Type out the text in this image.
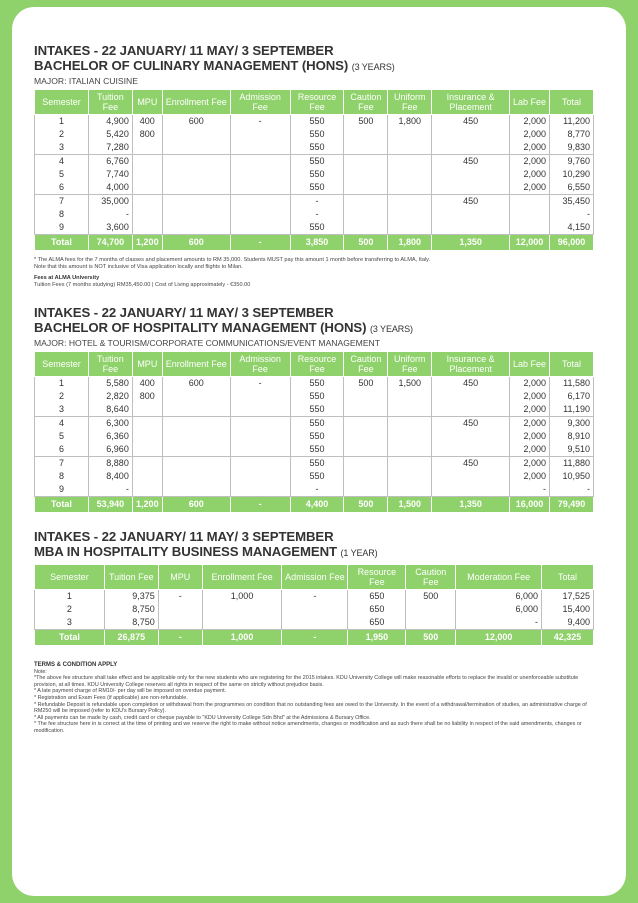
INTAKES - 22 JANUARY/ 11 MAY/ 3 SEPTEMBER
BACHELOR OF CULINARY MANAGEMENT (HONS) (3 YEARS)
MAJOR: ITALIAN CUISINE
Semester	Tuition Fee	MPU	Enrollment Fee	Admission Fee	Resource Fee	Caution Fee	Uniform Fee	Insurance & Placement	Lab Fee	Total
1	4,900	400	600	-	550	500	1,800	450	2,000	11,200
2	5,420	800			550				2,000	8,770
3	7,280				550				2,000	9,830
4	6,760				550			450	2,000	9,760
5	7,740				550				2,000	10,290
6	4,000				550				2,000	6,550
7	35,000				-			450		35,450
8	-				-					-
9	3,600				550					4,150
Total	74,700	1,200	600	-	3,850	500	1,800	1,350	12,000	96,000
* The ALMA fees for the 7 months of classes and placement amounts to RM 35,000. Students MUST pay this amount 1 month before transferring to ALMA, Italy.
Note that this amount is NOT inclusive of Visa application locally and flights to Milan.
Fees at ALMA University
Tuition Fees (7 months studying) RM35,450.00 | Cost of Living approximately - €350.00
INTAKES - 22 JANUARY/ 11 MAY/ 3 SEPTEMBER
BACHELOR OF HOSPITALITY MANAGEMENT (HONS) (3 YEARS)
MAJOR: HOTEL & TOURISM/CORPORATE COMMUNICATIONS/EVENT MANAGEMENT
Semester	Tuition Fee	MPU	Enrollment Fee	Admission Fee	Resource Fee	Caution Fee	Uniform Fee	Insurance & Placement	Lab Fee	Total
1	5,580	400	600	-	550	500	1,500	450	2,000	11,580
2	2,820	800			550				2,000	6,170
3	8,640				550				2,000	11,190
4	6,300				550			450	2,000	9,300
5	6,360				550				2,000	8,910
6	6,960				550				2,000	9,510
7	8,880				550			450	2,000	11,880
8	8,400				550				2,000	10,950
9	-				-				-	-
Total	53,940	1,200	600	-	4,400	500	1,500	1,350	16,000	79,490
INTAKES - 22 JANUARY/ 11 MAY/ 3 SEPTEMBER
MBA IN HOSPITALITY BUSINESS MANAGEMENT (1 YEAR)
Semester	Tuition Fee	MPU	Enrollment Fee	Admission Fee	Resource Fee	Caution Fee	Moderation Fee	Total
1	9,375	-	1,000	-	650	500	6,000	17,525
2	8,750				650		6,000	15,400
3	8,750				650		-	9,400
Total	26,875	-	1,000	-	1,950	500	12,000	42,325
TERMS & CONDITION APPLY
Note:
*The above fee structure shall take effect and be applicable only for the new students who are registering for the 2015 intakes. KDU University College will make reasonable efforts to replace the invalid or unenforceable substitute provision, at all times. KDU University College reserves all rights in respect of the same on strictly without prejudice basis.
* A late payment charge of RM10/- per day will be imposed on overdue payment.
* Registration and Exam Fees (if applicable) are non-refundable.
* Refundable Deposit is refundable upon completion or withdrawal from the programmes on condition that no outstanding fees are owed to the University. In the event of a withdrawal/termination of studies, an administrative charge of RM250 will be imposed (refer to KDU's Bursary Policy).
* All payments can be made by cash, credit card or cheque payable to "KDU University College Sdn Bhd" at the Admissions & Bursary Office.
* The fee structure here in is correct at the time of printing and we reserve the right to make without notice amendments, changes or modification and as such there shall be no liability in respect of the said amendments, changes or modification.
